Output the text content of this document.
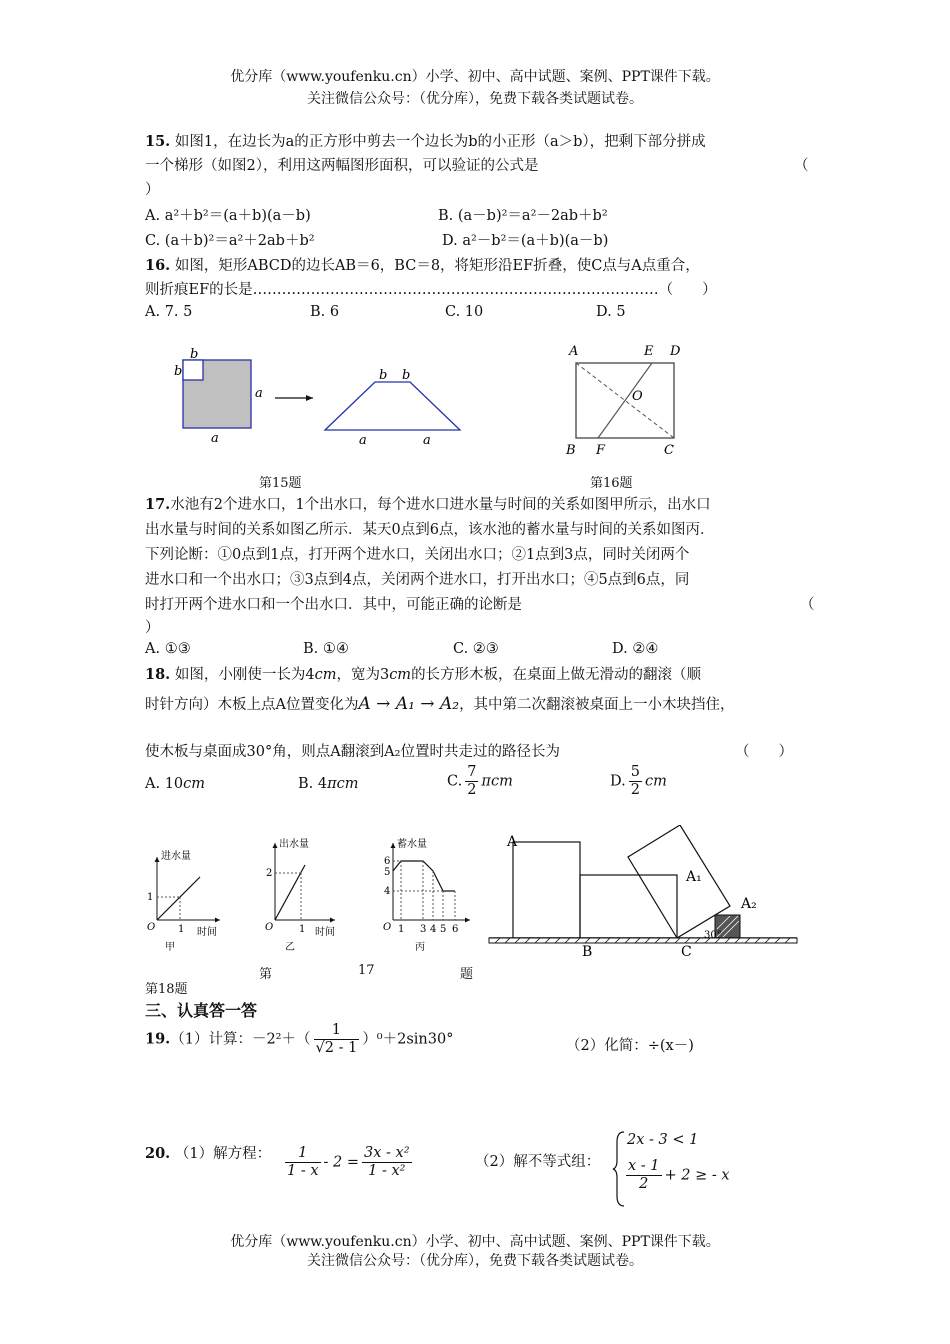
优分库（www.youfenku.cn）小学、初中、高中试题、案例、PPT课件下载。
关注微信公众号：（优分库），免费下载各类试题试卷。
15. 如图1，在边长为a的正方形中剪去一个边长为b的小正形（a＞b），把剩下部分拼成
一个梯形（如图2），利用这两幅图形面积，可以验证的公式是	（
）
A. a²＋b²＝(a＋b)(a－b)	B. (a－b)²＝a²－2ab＋b²
C. (a＋b)²＝a²＋2ab＋b²	D. a²－b²＝(a＋b)(a－b)
16. 如图，矩形ABCD的边长AB＝6，BC＝8，将矩形沿EF折叠，使C点与A点重合，
则折痕EF的长是…………………………………………………………………………（　　）
A. 7. 5	B. 6	C. 10	D. 5
b
b
a
a
b b
a	a
第15题
A	E D
B F	C
O
第16题
17.水池有2个进水口，1个出水口，每个进水口进水量与时间的关系如图甲所示，出水口
出水量与时间的关系如图乙所示．某天0点到6点，该水池的蓄水量与时间的关系如图丙．
下列论断：①0点到1点，打开两个进水口，关闭出水口；②1点到3点，同时关闭两个
进水口和一个出水口；③3点到4点，关闭两个进水口，打开出水口；④5点到6点，同
时打开两个进水口和一个出水口．其中，可能正确的论断是	（
）
A. ①③	B. ①④	C. ②③	D. ②④
18. 如图，小刚使一长为4cm，宽为3cm的长方形木板，在桌面上做无滑动的翻滚（顺
时针方向）木板上点A位置变化为A → A₁ → A₂，其中第二次翻滚被桌面上一小木块挡住，
使木板与桌面成30°角，则点A翻滚到A₂位置时共走过的路径长为	（　　）
A. 10cm	B. 4πcm	C. $\frac{7}{2}$ πcm	D. $\frac{5}{2}$ cm
进水量
时间
1
1
O
甲
出水量
时间
2
1
O
乙
蓄水量
6
5
4
1 3 4 5 6
O
丙
第	17	题
第18题
A
A₁
A₂
B	C
30°
三、认真答一答
19.（1）计算：$-2^2+( \frac{1}{√2 - 1} )^0+2\sin 30^\circ$	（2）化简：÷(x－)
20. （1）解方程： $\frac{1}{1 - x} - 2 = \frac{\text{3x - x²}}{\text{1 - x²}}$	（2）解不等式组：
2x - 3 < 1
$\frac{x - 1}{2} + 2$ ≥ - x
优分库（www.youfenku.cn）小学、初中、高中试题、案例、PPT课件下载。
关注微信公众号：（优分库），免费下载各类试题试卷。
